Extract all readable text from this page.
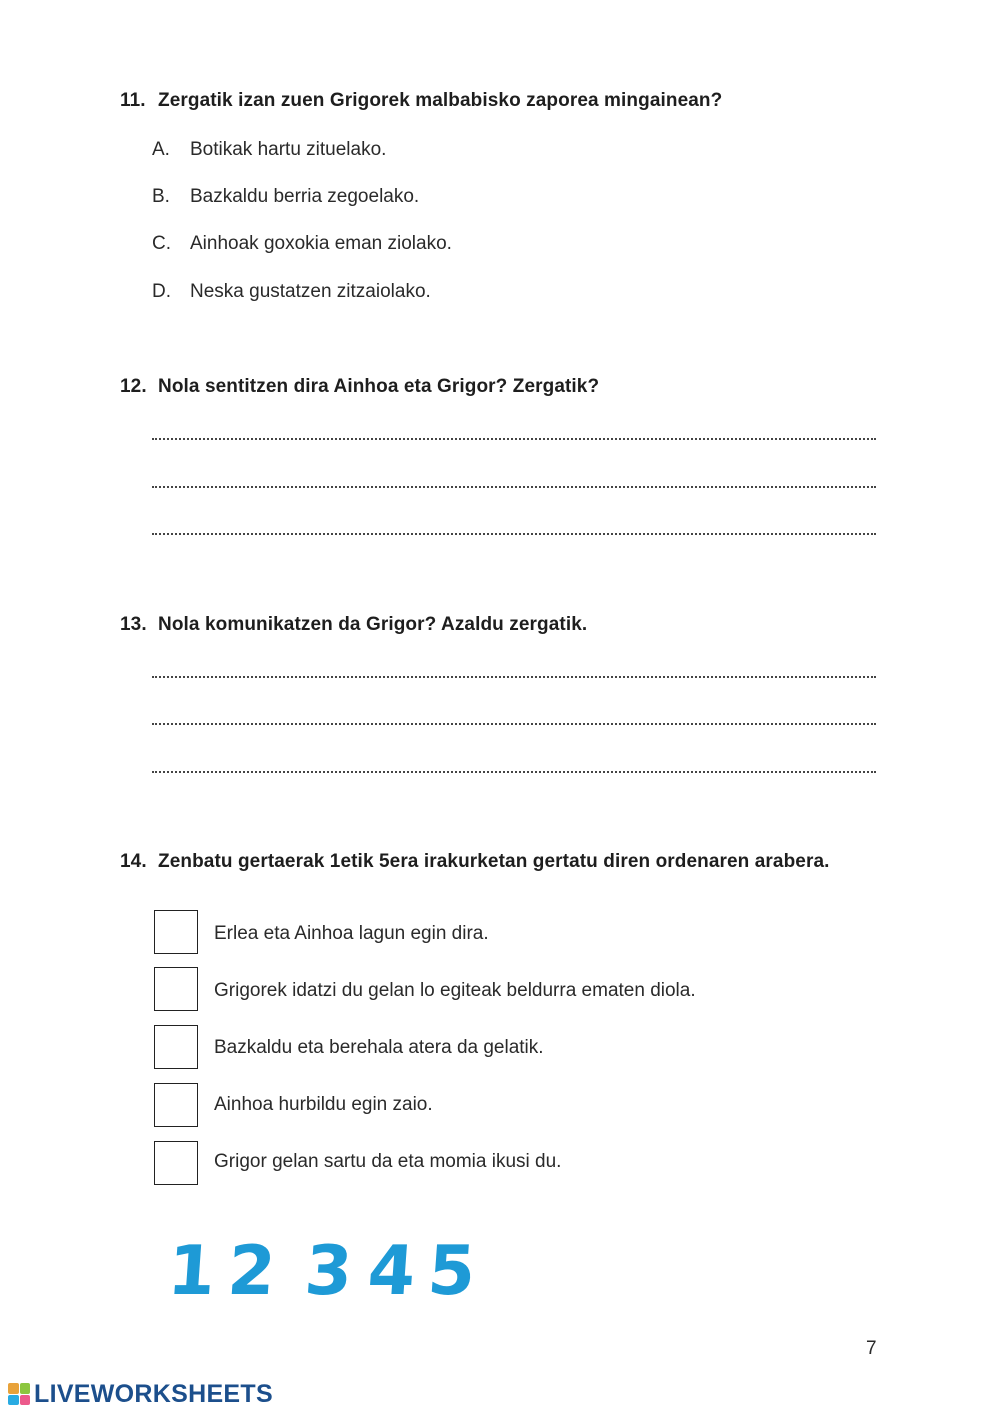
11. Zergatik izan zuen Grigorek malbabisko zaporea mingainean?
A. Botikak hartu zituelako.
B. Bazkaldu berria zegoelako.
C. Ainhoak goxokia eman ziolako.
D. Neska gustatzen zitzaiolako.
12. Nola sentitzen dira Ainhoa eta Grigor? Zergatik?
13. Nola komunikatzen da Grigor? Azaldu zergatik.
14. Zenbatu gertaerak 1etik 5era irakurketan gertatu diren ordenaren arabera.
Erlea eta Ainhoa lagun egin dira.
Grigorek idatzi du gelan lo egiteak beldurra ematen diola.
Bazkaldu eta berehala atera da gelatik.
Ainhoa hurbildu egin zaio.
Grigor gelan sartu da eta momia ikusi du.
1 2 3 4 5
7
LIVEWORKSHEETS
